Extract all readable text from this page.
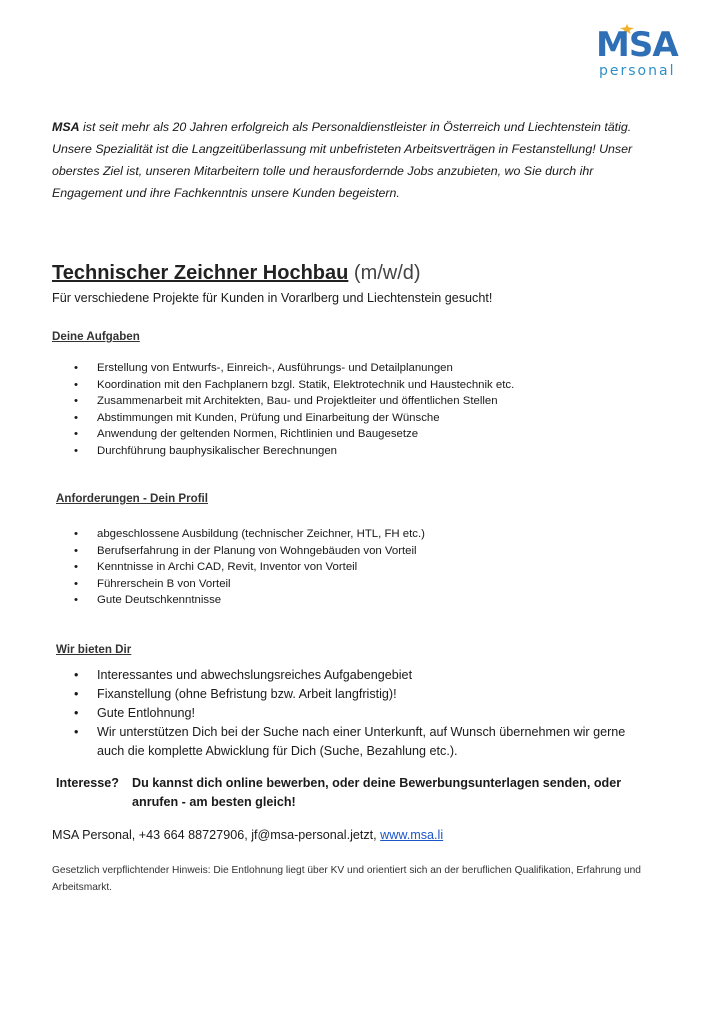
MSA
personal
MSA ist seit mehr als 20 Jahren erfolgreich als Personaldienstleister in Österreich und Liechtenstein tätig. Unsere Spezialität ist die Langzeitüberlassung mit unbefristeten Arbeitsverträgen in Festanstellung! Unser oberstes Ziel ist, unseren Mitarbeitern tolle und herausfordernde Jobs anzubieten, wo Sie durch ihr Engagement und ihre Fachkenntnis unsere Kunden begeistern.
Technischer Zeichner Hochbau (m/w/d)
Für verschiedene Projekte für Kunden in Vorarlberg und Liechtenstein gesucht!
Deine Aufgaben
• Erstellung von Entwurfs-, Einreich-, Ausführungs- und Detailplanungen
• Koordination mit den Fachplanern bzgl. Statik, Elektrotechnik und Haustechnik etc.
• Zusammenarbeit mit Architekten, Bau- und Projektleiter und öffentlichen Stellen
• Abstimmungen mit Kunden, Prüfung und Einarbeitung der Wünsche
• Anwendung der geltenden Normen, Richtlinien und Baugesetze
• Durchführung bauphysikalischer Berechnungen
Anforderungen - Dein Profil
• abgeschlossene Ausbildung (technischer Zeichner, HTL, FH etc.)
• Berufserfahrung in der Planung von Wohngebäuden von Vorteil
• Kenntnisse in Archi CAD, Revit, Inventor von Vorteil
• Führerschein B von Vorteil
• Gute Deutschkenntnisse
Wir bieten Dir
• Interessantes und abwechslungsreiches Aufgabengebiet
• Fixanstellung (ohne Befristung bzw. Arbeit langfristig)!
• Gute Entlohnung!
• Wir unterstützen Dich bei der Suche nach einer Unterkunft, auf Wunsch übernehmen wir gerne auch die komplette Abwicklung für Dich (Suche, Bezahlung etc.).
Interesse? Du kannst dich online bewerben, oder deine Bewerbungsunterlagen senden, oder anrufen - am besten gleich!
MSA Personal, +43 664 88727906, jf@msa-personal.jetzt, www.msa.li
Gesetzlich verpflichtender Hinweis: Die Entlohnung liegt über KV und orientiert sich an der beruflichen Qualifikation, Erfahrung und Arbeitsmarkt.
